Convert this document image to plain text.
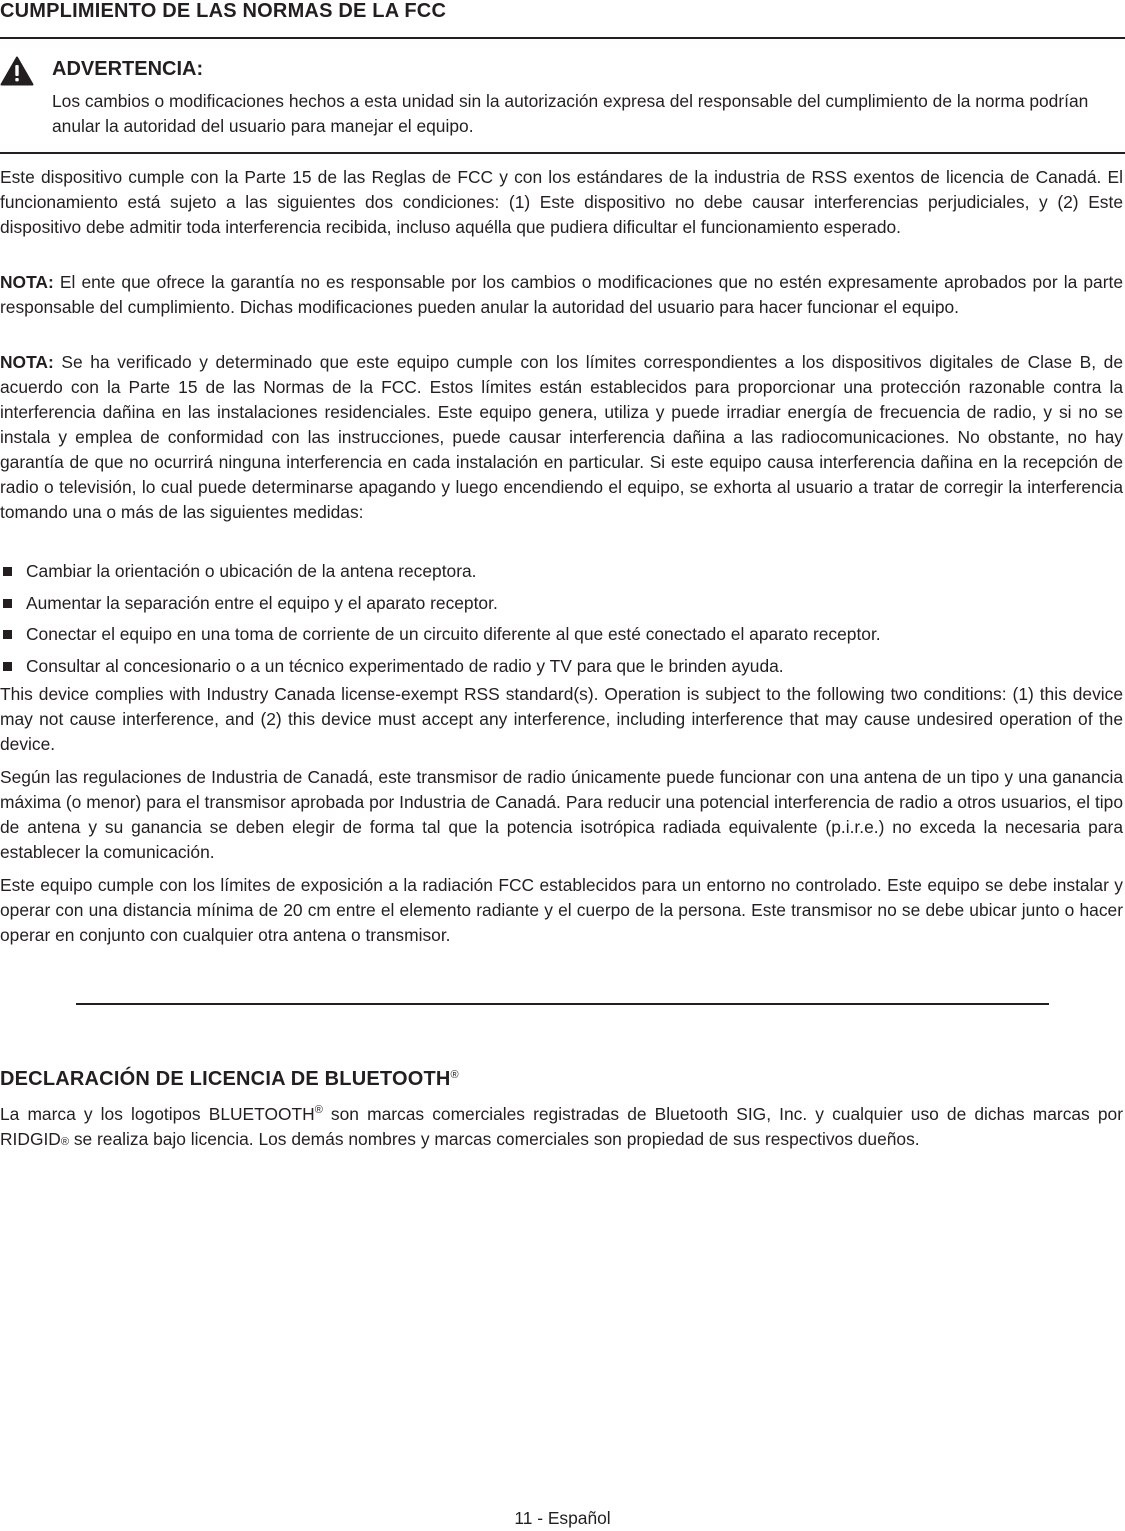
CUMPLIMIENTO DE LAS NORMAS DE LA FCC
ADVERTENCIA:
Los cambios o modificaciones hechos a esta unidad sin la autorización expresa del responsable del cumplimiento de la norma podrían anular la autoridad del usuario para manejar el equipo.

Este dispositivo cumple con la Parte 15 de las Reglas de FCC y con los estándares de la industria de RSS exentos de licencia de Canadá. El funcionamiento está sujeto a las siguientes dos condiciones: (1) Este dispositivo no debe causar interferencias perjudiciales, y (2) Este dispositivo debe admitir toda interferencia recibida, incluso aquélla que pudiera dificultar el funcionamiento esperado.

NOTA: El ente que ofrece la garantía no es responsable por los cambios o modificaciones que no estén expresamente aprobados por la parte responsable del cumplimiento. Dichas modificaciones pueden anular la autoridad del usuario para hacer funcionar el equipo.

NOTA: Se ha verificado y determinado que este equipo cumple con los límites correspondientes a los dispositivos digitales de Clase B, de acuerdo con la Parte 15 de las Normas de la FCC. Estos límites están establecidos para proporcionar una protección razonable contra la interferencia dañina en las instalaciones residenciales. Este equipo genera, utiliza y puede irradiar energía de frecuencia de radio, y si no se instala y emplea de conformidad con las instrucciones, puede causar interferencia dañina a las radiocomunicaciones. No obstante, no hay garantía de que no ocurrirá ninguna interferencia en cada instalación en particular. Si este equipo causa interferencia dañina en la recepción de radio o televisión, lo cual puede determinarse apagando y luego encendiendo el equipo, se exhorta al usuario a tratar de corregir la interferencia tomando una o más de las siguientes medidas:

Cambiar la orientación o ubicación de la antena receptora.
Aumentar la separación entre el equipo y el aparato receptor.
Conectar el equipo en una toma de corriente de un circuito diferente al que esté conectado el aparato receptor.
Consultar al concesionario o a un técnico experimentado de radio y TV para que le brinden ayuda.

This device complies with Industry Canada license-exempt RSS standard(s). Operation is subject to the following two conditions: (1) this device may not cause interference, and (2) this device must accept any interference, including interference that may cause undesired operation of the device.

Según las regulaciones de Industria de Canadá, este transmisor de radio únicamente puede funcionar con una antena de un tipo y una ganancia máxima (o menor) para el transmisor aprobada por Industria de Canadá. Para reducir una potencial interferencia de radio a otros usuarios, el tipo de antena y su ganancia se deben elegir de forma tal que la potencia isotrópica radiada equivalente (p.i.r.e.) no exceda la necesaria para establecer la comunicación.

Este equipo cumple con los límites de exposición a la radiación FCC establecidos para un entorno no controlado. Este equipo se debe instalar y operar con una distancia mínima de 20 cm entre el elemento radiante y el cuerpo de la persona. Este transmisor no se debe ubicar junto o hacer operar en conjunto con cualquier otra antena o transmisor.

DECLARACIÓN DE LICENCIA DE BLUETOOTH®

La marca y los logotipos BLUETOOTH® son marcas comerciales registradas de Bluetooth SIG, Inc. y cualquier uso de dichas marcas por RIDGID® se realiza bajo licencia. Los demás nombres y marcas comerciales son propiedad de sus respectivos dueños.

11 - Español
